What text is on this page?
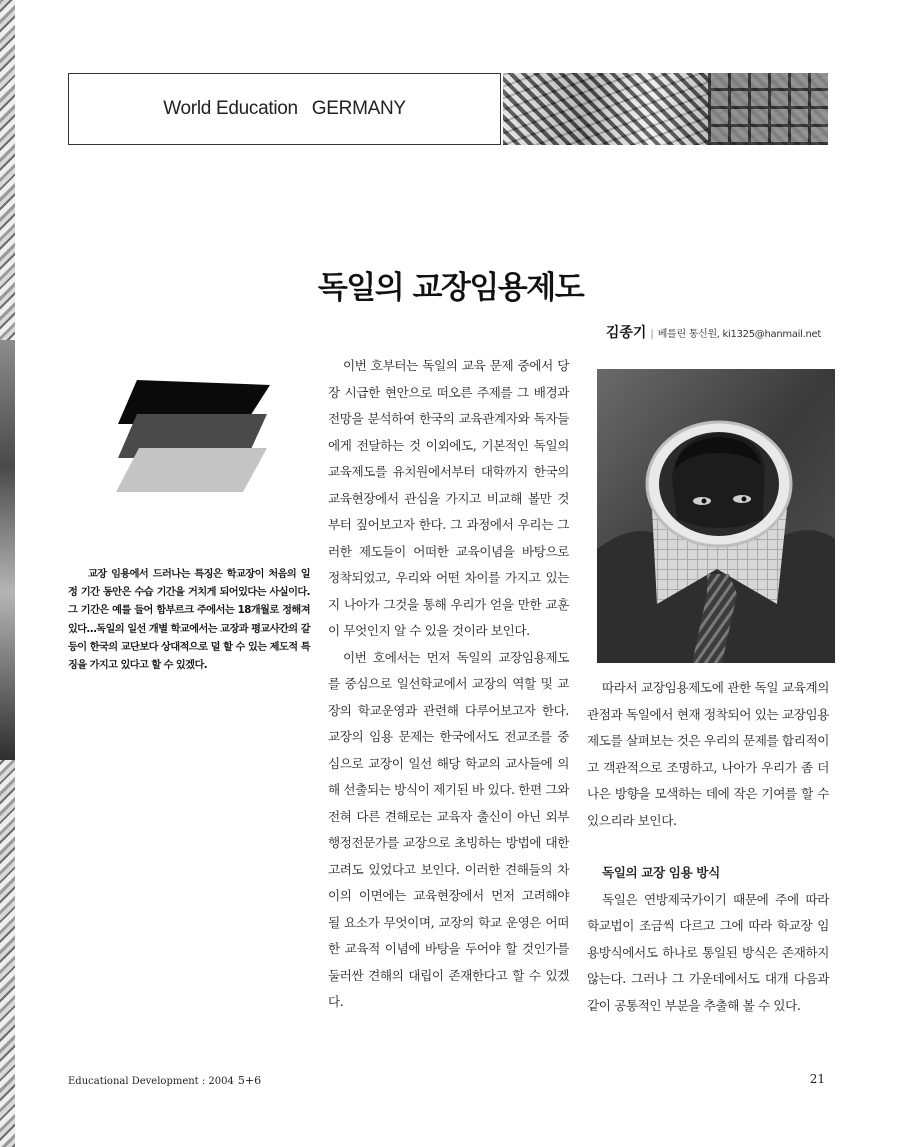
World Education GERMANY
독일의 교장임용제도
김종기 | 베를린 통신원, ki1325@hanmail.net

교장 임용에서 드러나는 특징은 학교장이 처음의 일정 기간 동안은 수습 기간을 거치게 되어있다는 사실이다. 그 기간은 예를 들어 함부르크 주에서는 18개월로 정해져 있다…독일의 일선 개별 학교에서는 교장과 평교사간의 갈등이 한국의 교단보다 상대적으로 덜 할 수 있는 제도적 특징을 가지고 있다고 할 수 있겠다.

이번 호부터는 독일의 교육 문제 중에서 당장 시급한 현안으로 떠오른 주제를 그 배경과 전망을 분석하여 한국의 교육관계자와 독자들에게 전달하는 것 이외에도, 기본적인 독일의 교육제도를 유치원에서부터 대학까지 한국의 교육현장에서 관심을 가지고 비교해 볼만 것부터 짚어보고자 한다. 그 과정에서 우리는 그러한 제도들이 어떠한 교육이념을 바탕으로 정착되었고, 우리와 어떤 차이를 가지고 있는지 나아가 그것을 통해 우리가 얻을 만한 교훈이 무엇인지 알 수 있을 것이라 보인다.

이번 호에서는 먼저 독일의 교장임용제도를 중심으로 일선학교에서 교장의 역할 및 교장의 학교운영과 관련해 다루어보고자 한다. 교장의 임용 문제는 한국에서도 전교조를 중심으로 교장이 일선 해당 학교의 교사들에 의해 선출되는 방식이 제기된 바 있다. 한편 그와 전혀 다른 견해로는 교육자 출신이 아닌 외부 행정전문가를 교장으로 초빙하는 방법에 대한 고려도 있었다고 보인다. 이러한 견해들의 차이의 이면에는 교육현장에서 먼저 고려해야 될 요소가 무엇이며, 교장의 학교 운영은 어떠한 교육적 이념에 바탕을 두어야 할 것인가를 둘러싼 견해의 대립이 존재한다고 할 수 있겠다.

따라서 교장임용제도에 관한 독일 교육계의 관점과 독일에서 현재 정착되어 있는 교장임용제도를 살펴보는 것은 우리의 문제를 합리적이고 객관적으로 조명하고, 나아가 우리가 좀 더 나은 방향을 모색하는 데에 작은 기여를 할 수 있으리라 보인다.

독일의 교장 임용 방식

독일은 연방제국가이기 때문에 주에 따라 학교법이 조금씩 다르고 그에 따라 학교장 임용방식에서도 하나로 통일된 방식은 존재하지 않는다. 그러나 그 가운데에서도 대개 다음과 같이 공통적인 부분을 추출해 볼 수 있다.

Educational Development : 2004 5+6	21
